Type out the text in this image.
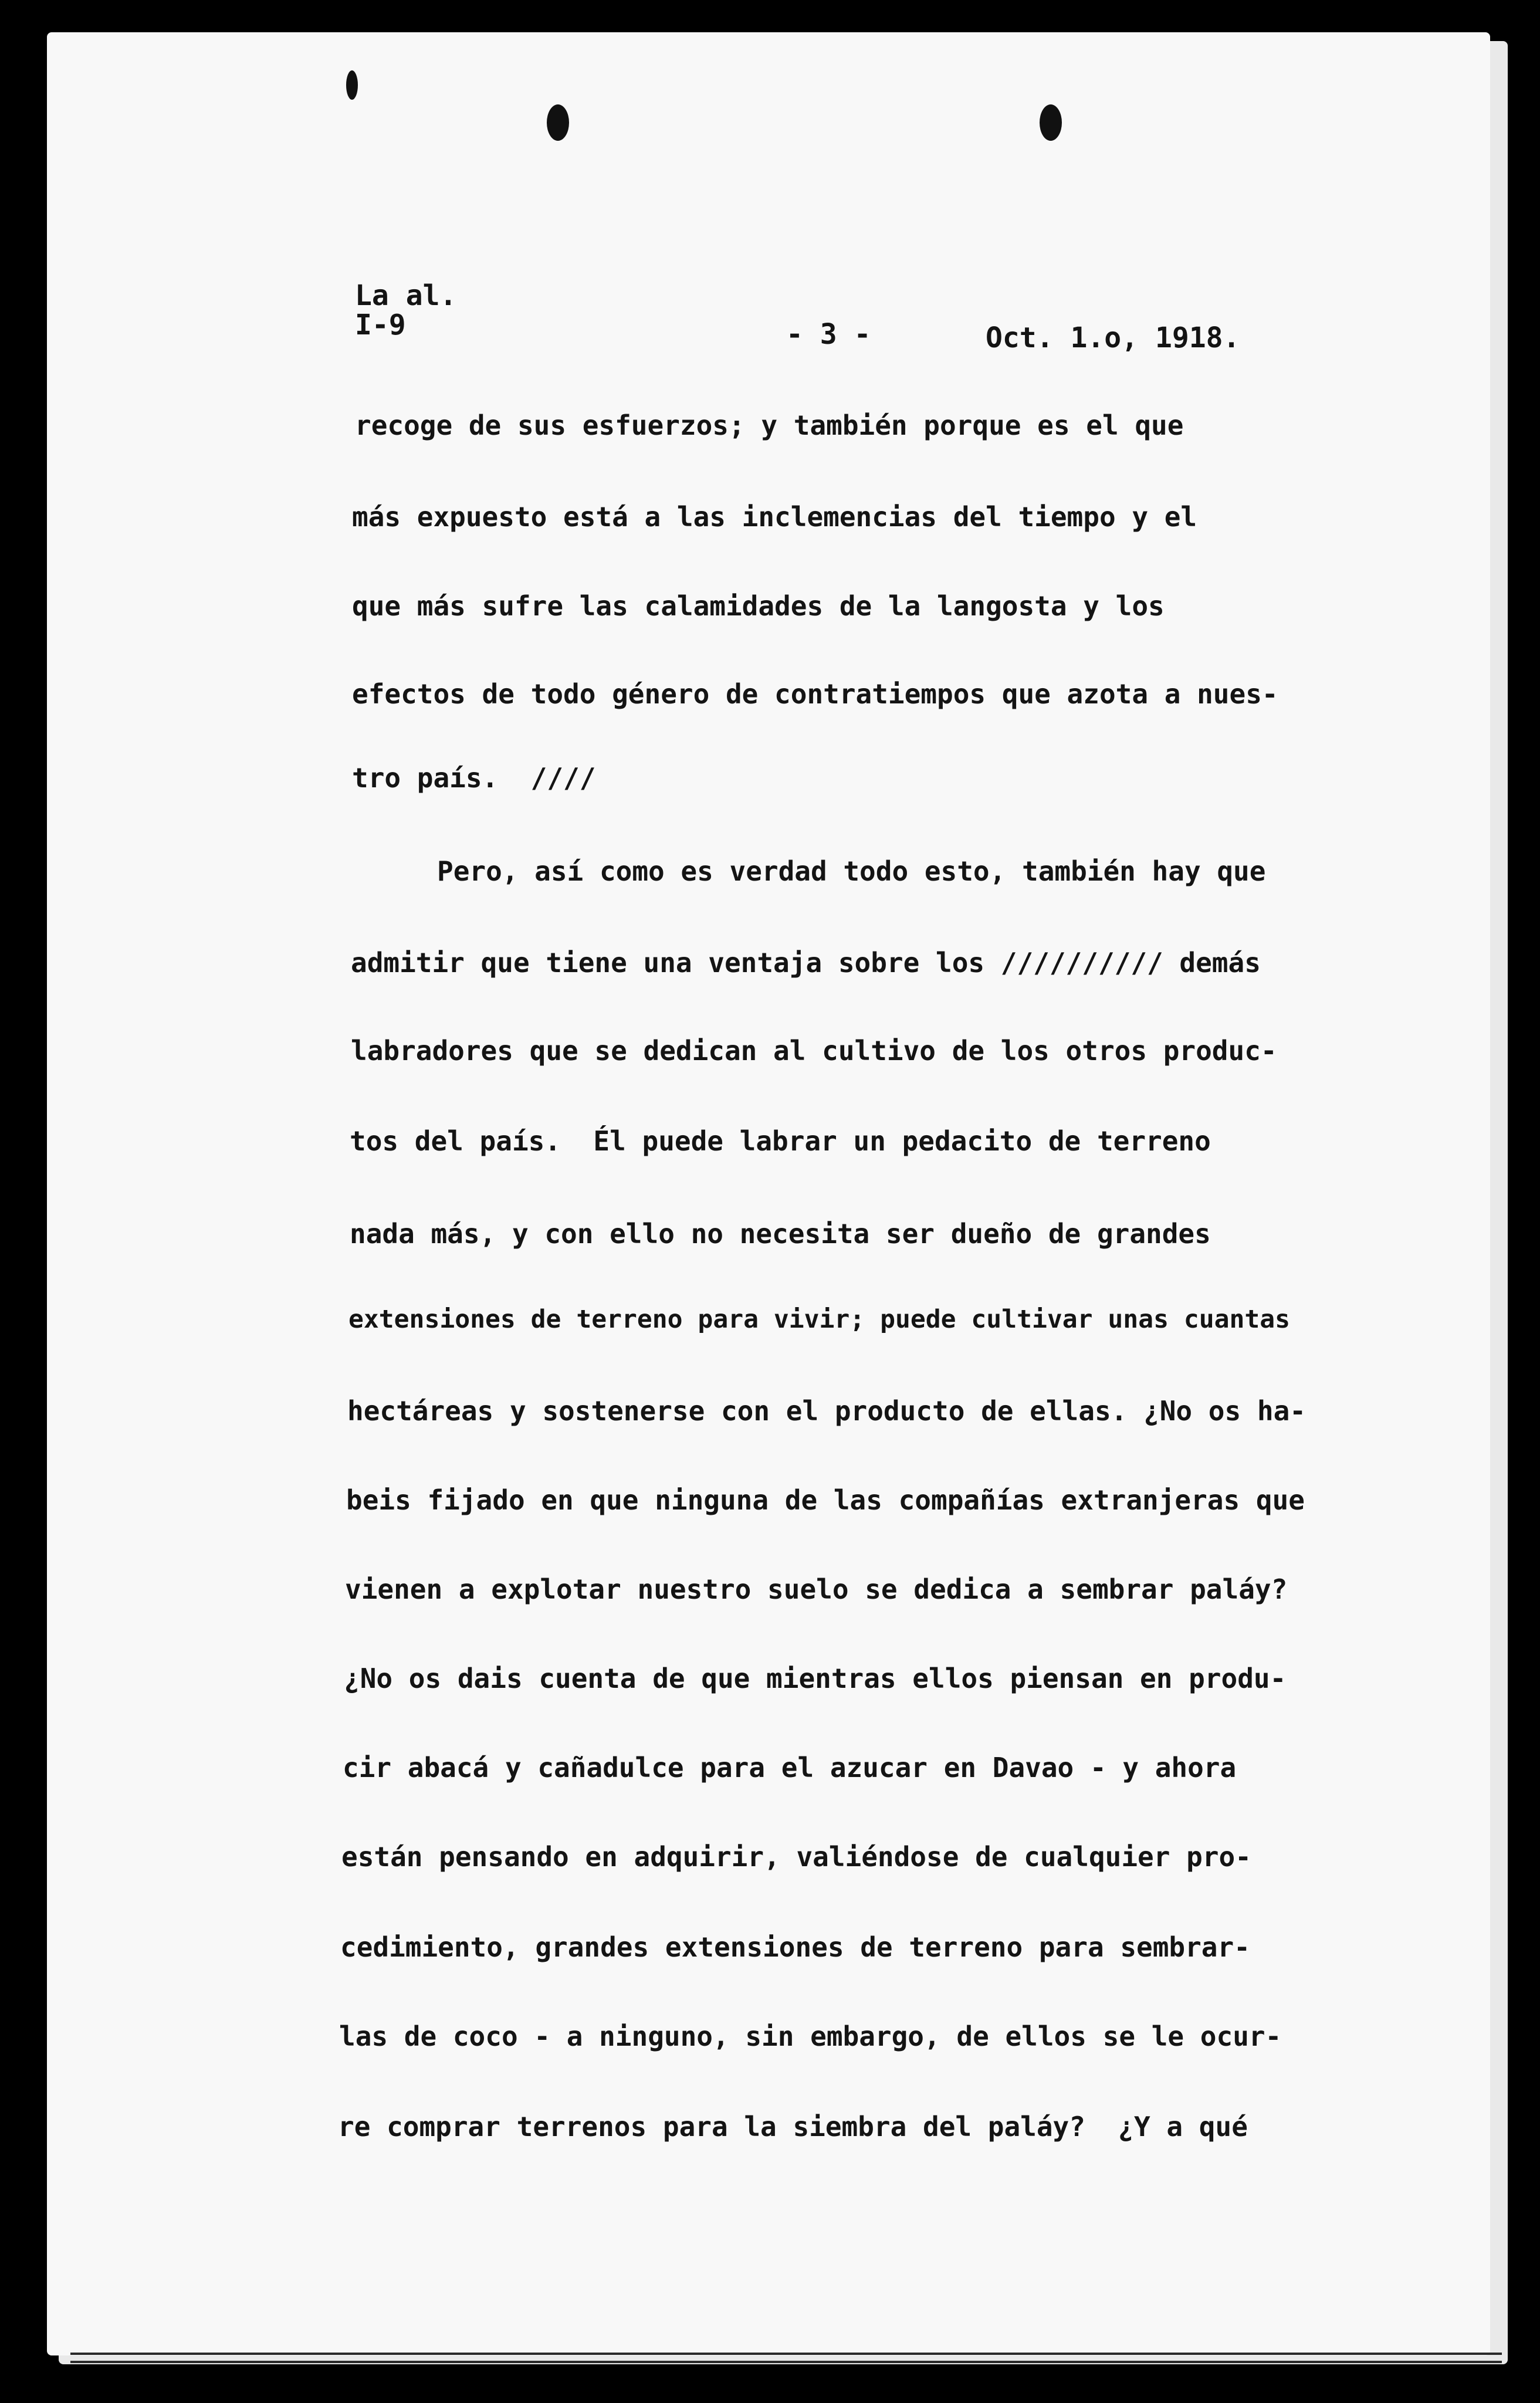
La al.
I-9	- 3 -	Oct. 1.o, 1918.
recoge de sus esfuerzos; y también porque es el que
más expuesto está a las inclemencias del tiempo y el
que más sufre las calamidades de la langosta y los
efectos de todo género de contratiempos que azota a nues-
tro país.  ////
Pero, así como es verdad todo esto, también hay que
admitir que tiene una ventaja sobre los ////////// demás
labradores que se dedican al cultivo de los otros produc-
tos del país.  Él puede labrar un pedacito de terreno
nada más, y con ello no necesita ser dueño de grandes
extensiones de terreno para vivir; puede cultivar unas cuantas
hectáreas y sostenerse con el producto de ellas. ¿No os ha-
beis fijado en que ninguna de las compañías extranjeras que
vienen a explotar nuestro suelo se dedica a sembrar paláy?
¿No os dais cuenta de que mientras ellos piensan en produ-
cir abacá y cañadulce para el azucar en Davao - y ahora
están pensando en adquirir, valiéndose de cualquier pro-
cedimiento, grandes extensiones de terreno para sembrar-
las de coco - a ninguno, sin embargo, de ellos se le ocur-
re comprar terrenos para la siembra del paláy?  ¿Y a qué
